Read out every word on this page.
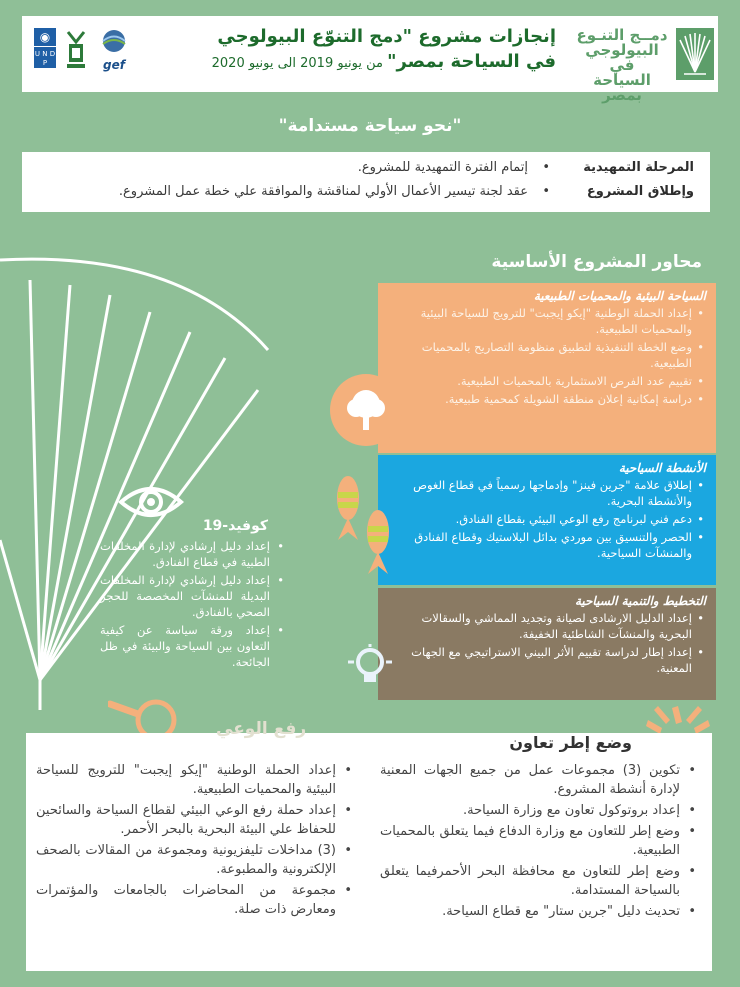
دمــج التنـوع
البيولوجي في
السياحة بمصر
إنجازات مشروع "دمج التنوّع البيولوجي
في السياحة بمصر" من يونيو 2019 الى يونيو 2020
◉
U N D P	gef
"نحو سياحة مستدامة"
المرحلة التمهيدية
•
إتمام الفترة التمهيدية للمشروع.
وإطلاق المشروع
•
عقد لجنة تيسير الأعمال الأولي لمناقشة والموافقة علي خطة عمل المشروع.
محاور المشروع الأساسية
السياحة البيئية والمحميات الطبيعية
• إعداد الحملة الوطنية "إيكو إيجبت" للترويج للسياحة البيئية والمحميات الطبيعية.
• وضع الخطة التنفيذية لتطبيق منظومة التصاريح بالمحميات الطبيعية.
• تقييم عدد الفرص الاستثمارية بالمحميات الطبيعية.
• دراسة إمكانية إعلان منطقة الشويلة كمحمية طبيعية.
الأنشطة السياحية
• إطلاق علامة "جرين فينز" وإدماجها رسمياً في قطاع الغوص والأنشطة البحرية.
• دعم فني لبرنامج رفع الوعي البيئي بقطاع الفنادق.
• الحصر والتنسيق بين موردي بدائل البلاستيك وقطاع الفنادق والمنشآت السياحية.
التخطيط والتنمية السياحية
• إعداد الدليل الارشادى لصيانة وتجديد المماشي والسقالات البحرية والمنشآت الشاطئية الخفيفة.
• إعداد إطار لدراسة تقييم الأثر البيني الاستراتيجي مع الجهات المعنية.
كوفيد-19
• إعداد دليل إرشادي لإدارة المخلفات الطبية في قطاع الفنادق.
• إعداد دليل إرشادي لإدارة المخلفات البديلة للمنشآت المخصصة للحجر الصحي بالفنادق.
• إعداد ورقة سياسة عن كيفية التعاون بين السياحة والبيئة في ظل الجائحة.
رفع الوعي
وضع إطر تعاون
• إعداد الحملة الوطنية "إيكو إيجبت" للترويج للسياحة البيئية والمحميات الطبيعية.
• إعداد حملة رفع الوعي البيئي لقطاع السياحة والسائحين للحفاظ علي البيئة البحرية بالبحر الأحمر.
• (3) مداخلات تليفزيونية ومجموعة من المقالات بالصحف الإلكترونية والمطبوعة.
• مجموعة من المحاضرات بالجامعات والمؤتمرات ومعارض ذات صلة.
• تكوين (3) مجموعات عمل من جميع الجهات المعنية لإدارة أنشطة المشروع.
• إعداد بروتوكول تعاون مع وزارة السياحة.
• وضع إطر للتعاون مع وزارة الدفاع فيما يتعلق بالمحميات الطبيعية.
• وضع إطر للتعاون مع محافظة البحر الأحمرفيما يتعلق بالسياحة المستدامة.
• تحديث دليل "جرين ستار" مع قطاع السياحة.
